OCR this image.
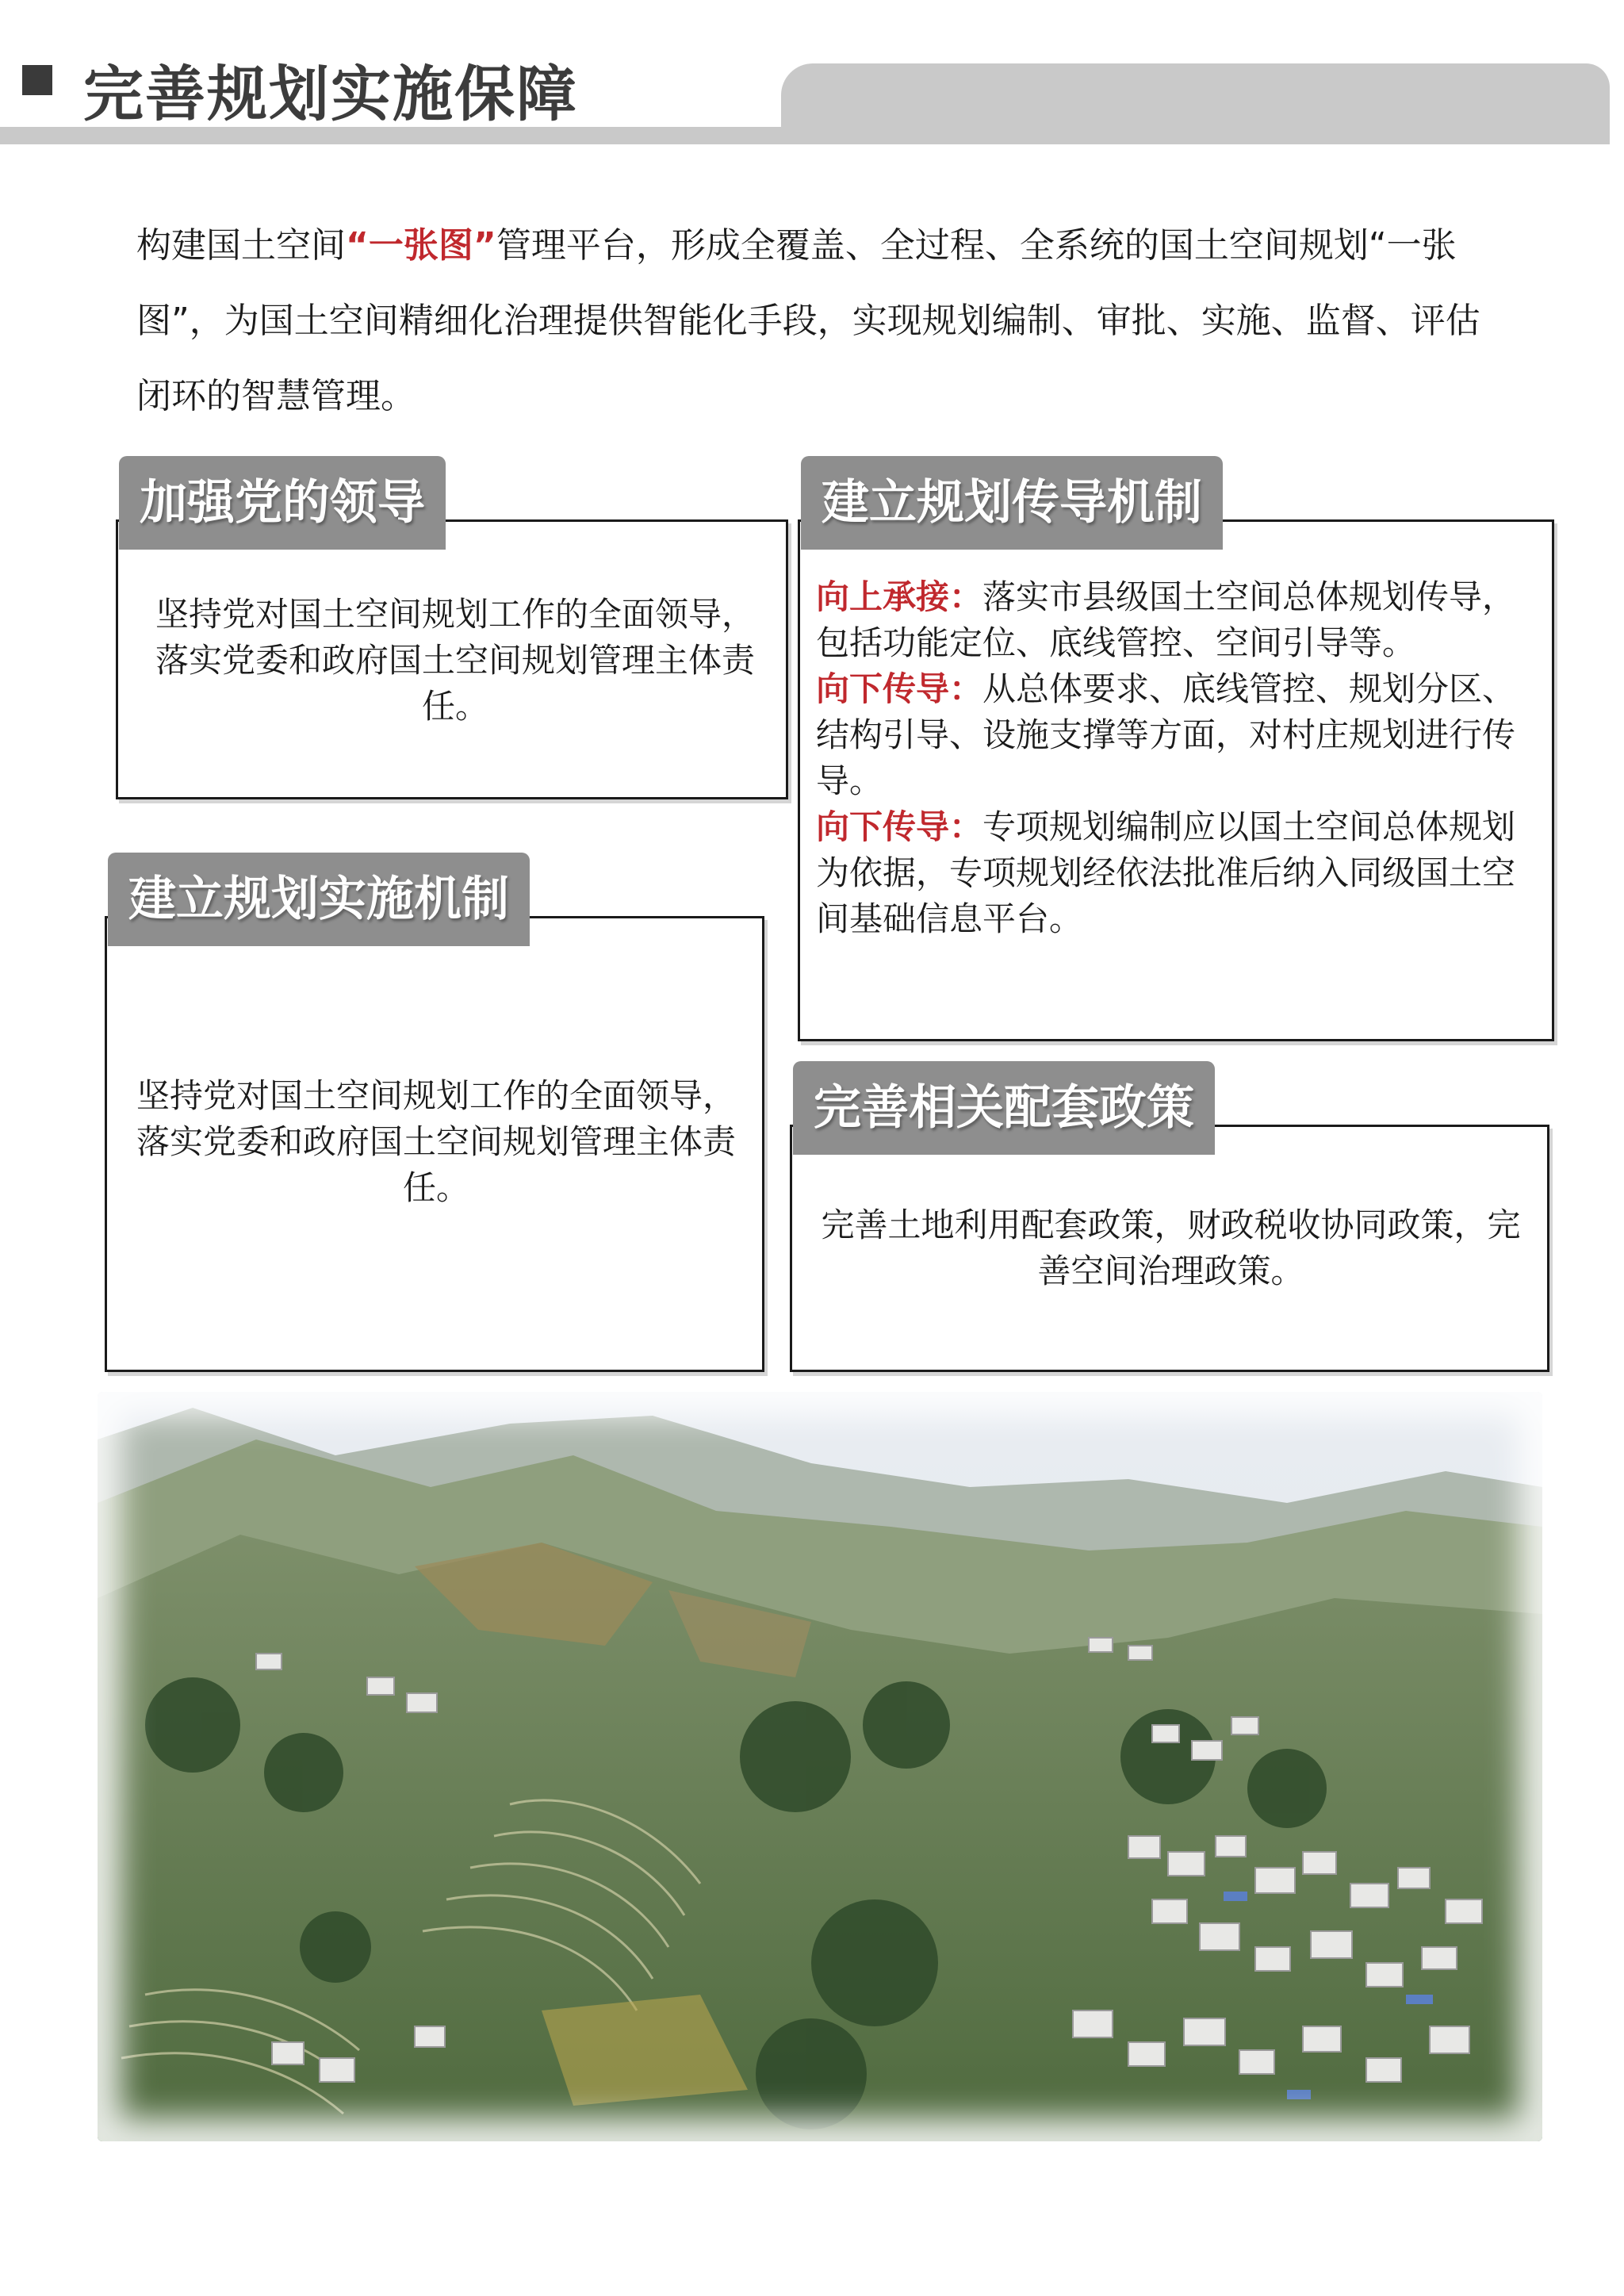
完善规划实施保障
构建国土空间“一张图”管理平台，形成全覆盖、全过程、全系统的国土空间规划“一张图”，为国土空间精细化治理提供智能化手段，实现规划编制、审批、实施、监督、评估闭环的智慧管理。
坚持党对国土空间规划工作的全面领导，落实党委和政府国土空间规划管理主体责任。
加强党的领导
向上承接：落实市县级国土空间总体规划传导，包括功能定位、底线管控、空间引导等。
向下传导：从总体要求、底线管控、规划分区、结构引导、设施支撑等方面，对村庄规划进行传导。
向下传导：专项规划编制应以国土空间总体规划为依据，专项规划经依法批准后纳入同级国土空间基础信息平台。
建立规划传导机制
坚持党对国土空间规划工作的全面领导，落实党委和政府国土空间规划管理主体责任。
建立规划实施机制
完善土地利用配套政策，财政税收协同政策，完善空间治理政策。
完善相关配套政策
